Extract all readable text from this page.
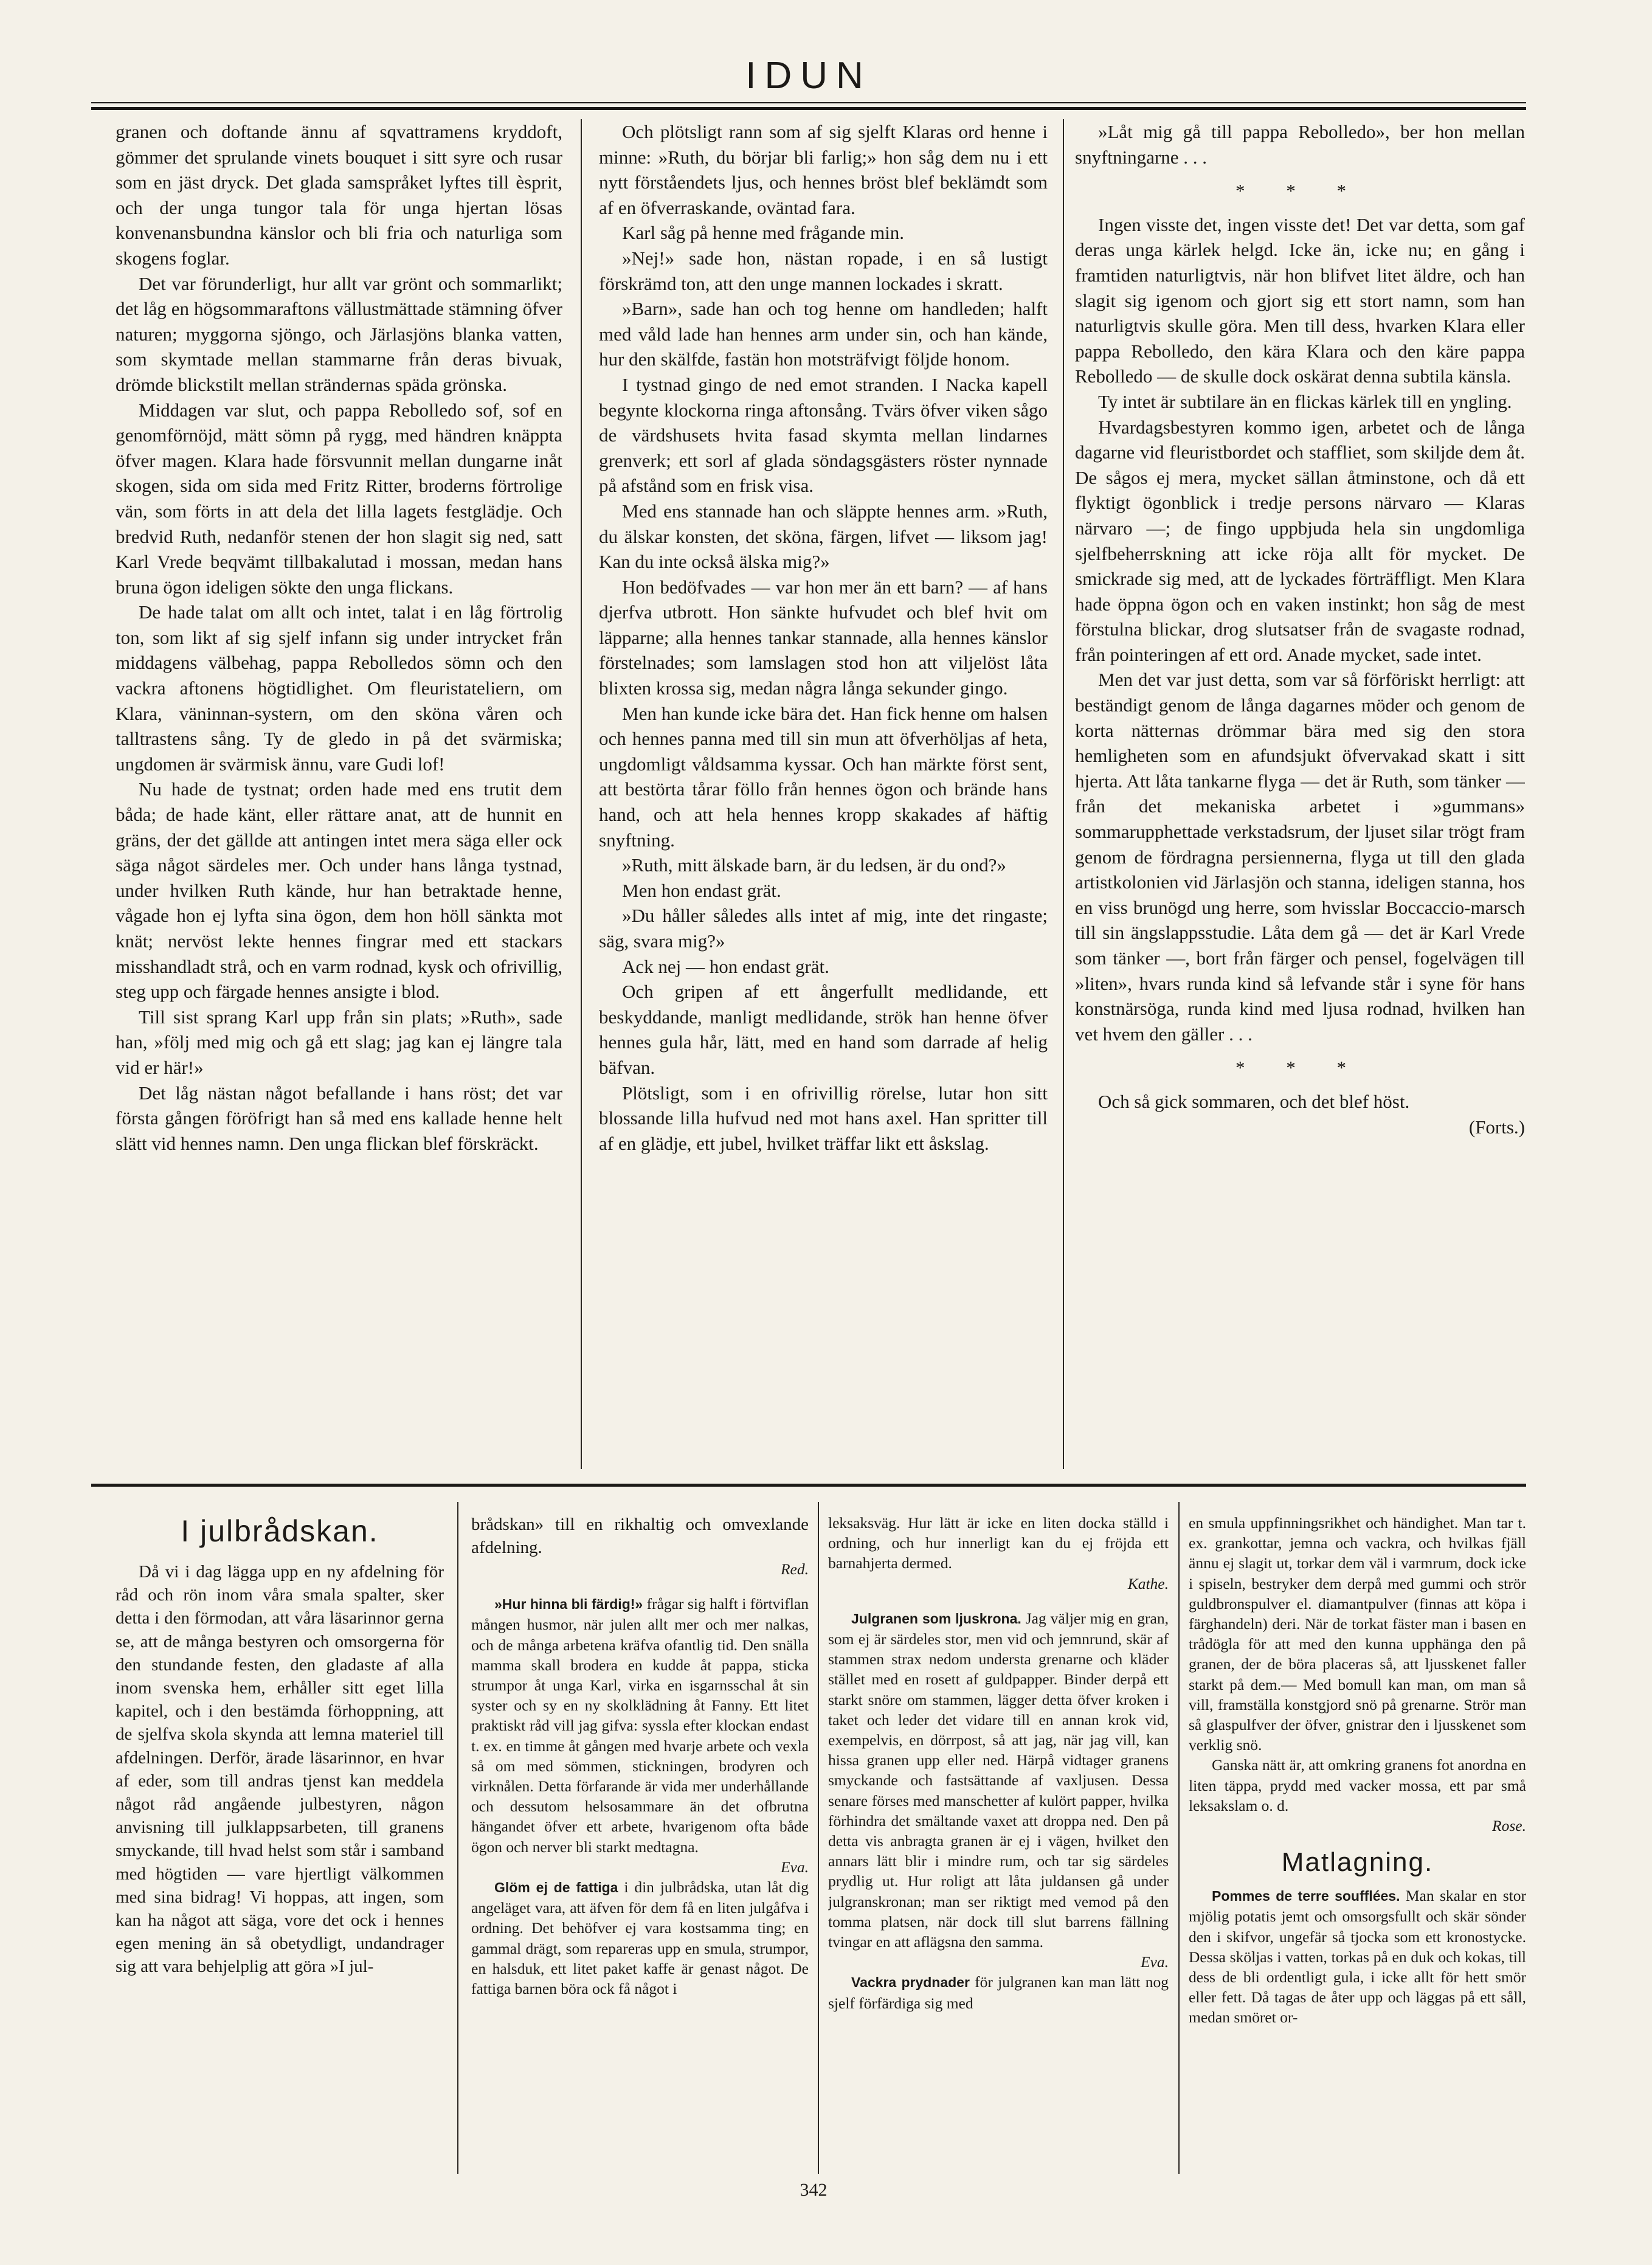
IDUN

granen och doftande ännu af sqvattramens kryddoft, gömmer det sprulande vinets bouquet i sitt syre och rusar som en jäst dryck. Det glada samspråket lyftes till èsprit, och der unga tungor tala för unga hjertan lösas konvenansbundna känslor och bli fria och naturliga som skogens foglar.

Det var förunderligt, hur allt var grönt och sommarlikt; det låg en högsommaraftons vällustmättade stämning öfver naturen; myggorna sjöngo, och Järlasjöns blanka vatten, som skymtade mellan stammarne från deras bivuak, drömde blickstilt mellan strändernas späda grönska.

Middagen var slut, och pappa Rebolledo sof, sof en genomförnöjd, mätt sömn på rygg, med händren knäppta öfver magen. Klara hade försvunnit mellan dungarne inåt skogen, sida om sida med Fritz Ritter, broderns förtrolige vän, som förts in att dela det lilla lagets festglädje. Och bredvid Ruth, nedanför stenen der hon slagit sig ned, satt Karl Vrede beqvämt tillbakalutad i mossan, medan hans bruna ögon ideligen sökte den unga flickans.

De hade talat om allt och intet, talat i en låg förtrolig ton, som likt af sig sjelf infann sig under intrycket från middagens välbehag, pappa Rebolledos sömn och den vackra aftonens högtidlighet. Om fleuristateliern, om Klara, väninnan-systern, om den sköna våren och talltrastens sång. Ty de gledo in på det svärmiska; ungdomen är svärmisk ännu, vare Gudi lof!

Nu hade de tystnat; orden hade med ens trutit dem båda; de hade känt, eller rättare anat, att de hunnit en gräns, der det gällde att antingen intet mera säga eller ock säga något särdeles mer. Och under hans långa tystnad, under hvilken Ruth kände, hur han betraktade henne, vågade hon ej lyfta sina ögon, dem hon höll sänkta mot knät; nervöst lekte hennes fingrar med ett stackars misshandladt strå, och en varm rodnad, kysk och ofrivillig, steg upp och färgade hennes ansigte i blod.

Till sist sprang Karl upp från sin plats; »Ruth», sade han, »följ med mig och gå ett slag; jag kan ej längre tala vid er här!»

Det låg nästan något befallande i hans röst; det var första gången föröfrigt han så med ens kallade henne helt slätt vid hennes namn. Den unga flickan blef förskräckt.

Och plötsligt rann som af sig sjelft Klaras ord henne i minne: »Ruth, du börjar bli farlig;» hon såg dem nu i ett nytt förståendets ljus, och hennes bröst blef beklämdt som af en öfverraskande, oväntad fara.

Karl såg på henne med frågande min.

»Nej!» sade hon, nästan ropade, i en så lustigt förskrämd ton, att den unge mannen lockades i skratt.

»Barn», sade han och tog henne om handleden; halft med våld lade han hennes arm under sin, och han kände, hur den skälfde, fastän hon motsträfvigt följde honom.

I tystnad gingo de ned emot stranden. I Nacka kapell begynte klockorna ringa aftonsång. Tvärs öfver viken sågo de värdshusets hvita fasad skymta mellan lindarnes grenverk; ett sorl af glada söndagsgästers röster nynnade på afstånd som en frisk visa.

Med ens stannade han och släppte hennes arm. »Ruth, du älskar konsten, det sköna, färgen, lifvet — liksom jag! Kan du inte också älska mig?»

Hon bedöfvades — var hon mer än ett barn? — af hans djerfva utbrott. Hon sänkte hufvudet och blef hvit om läpparne; alla hennes tankar stannade, alla hennes känslor förstelnades; som lamslagen stod hon att viljelöst låta blixten krossa sig, medan några långa sekunder gingo.

Men han kunde icke bära det. Han fick henne om halsen och hennes panna med till sin mun att öfverhöljas af heta, ungdomligt våldsamma kyssar. Och han märkte först sent, att bestörta tårar föllo från hennes ögon och brände hans hand, och att hela hennes kropp skakades af häftig snyftning.

»Ruth, mitt älskade barn, är du ledsen, är du ond?»

Men hon endast grät.

»Du håller således alls intet af mig, inte det ringaste; säg, svara mig?»

Ack nej — hon endast grät.

Och gripen af ett ångerfullt medlidande, ett beskyddande, manligt medlidande, strök han henne öfver hennes gula hår, lätt, med en hand som darrade af helig bäfvan.

Plötsligt, som i en ofrivillig rörelse, lutar hon sitt blossande lilla hufvud ned mot hans axel. Han spritter till af en glädje, ett jubel, hvilket träffar likt ett åskslag.

»Låt mig gå till pappa Rebolledo», ber hon mellan snyftningarne . . .

* * *

Ingen visste det, ingen visste det! Det var detta, som gaf deras unga kärlek helgd. Icke än, icke nu; en gång i framtiden naturligtvis, när hon blifvet litet äldre, och han slagit sig igenom och gjort sig ett stort namn, som han naturligtvis skulle göra. Men till dess, hvarken Klara eller pappa Rebolledo, den kära Klara och den käre pappa Rebolledo — de skulle dock oskärat denna subtila känsla.

Ty intet är subtilare än en flickas kärlek till en yngling.

Hvardagsbestyren kommo igen, arbetet och de långa dagarne vid fleuristbordet och staffliet, som skiljde dem åt. De sågos ej mera, mycket sällan åtminstone, och då ett flyktigt ögonblick i tredje persons närvaro — Klaras närvaro —; de fingo uppbjuda hela sin ungdomliga sjelfbeherrskning att icke röja allt för mycket. De smickrade sig med, att de lyckades förträffligt. Men Klara hade öppna ögon och en vaken instinkt; hon såg de mest förstulna blickar, drog slutsatser från de svagaste rodnad, från pointeringen af ett ord. Anade mycket, sade intet.

Men det var just detta, som var så förföriskt herrligt: att beständigt genom de långa dagarnes möder och genom de korta nätternas drömmar bära med sig den stora hemligheten som en afundsjukt öfvervakad skatt i sitt hjerta. Att låta tankarne flyga — det är Ruth, som tänker — från det mekaniska arbetet i »gummans» sommarupphettade verkstadsrum, der ljuset silar trögt fram genom de fördragna persiennerna, flyga ut till den glada artistkolonien vid Järlasjön och stanna, ideligen stanna, hos en viss brunögd ung herre, som hvisslar Boccaccio-marsch till sin ängslappsstudie. Låta dem gå — det är Karl Vrede som tänker —, bort från färger och pensel, fogelvägen till »liten», hvars runda kind så lefvande står i syne för hans konstnärsöga, runda kind med ljusa rodnad, hvilken han vet hvem den gäller . . .

* * *

Och så gick sommaren, och det blef höst.

(Forts.)

I julbrådskan.

Då vi i dag lägga upp en ny afdelning för råd och rön inom våra smala spalter, sker detta i den förmodan, att våra läsarinnor gerna se, att de många bestyren och omsorgerna för den stundande festen, den gladaste af alla inom svenska hem, erhåller sitt eget lilla kapitel, och i den bestämda förhoppning, att de sjelfva skola skynda att lemna materiel till afdelningen. Derför, ärade läsarinnor, en hvar af eder, som till andras tjenst kan meddela något råd angående julbestyren, någon anvisning till julklappsarbeten, till granens smyckande, till hvad helst som står i samband med högtiden — vare hjertligt välkommen med sina bidrag! Vi hoppas, att ingen, som kan ha något att säga, vore det ock i hennes egen mening än så obetydligt, undandrager sig att vara behjelplig att göra »I jul-

brådskan» till en rikhaltig och omvexlande afdelning.

Red.

»Hur hinna bli färdig!» frågar sig halft i förtviflan mången husmor, när julen allt mer och mer nalkas, och de många arbetena kräfva ofantlig tid. Den snälla mamma skall brodera en kudde åt pappa, sticka strumpor åt unga Karl, virka en isgarnsschal åt sin syster och sy en ny skolklädning åt Fanny. Ett litet praktiskt råd vill jag gifva: syssla efter klockan endast t. ex. en timme åt gången med hvarje arbete och vexla så om med sömmen, stickningen, brodyren och virknålen. Detta förfarande är vida mer underhållande och dessutom helsosammare än det ofbrutna hängandet öfver ett arbete, hvarigenom ofta både ögon och nerver bli starkt medtagna.

Eva.

Glöm ej de fattiga i din julbrådska, utan låt dig angeläget vara, att äfven för dem få en liten julgåfva i ordning. Det behöfver ej vara kostsamma ting; en gammal drägt, som repareras upp en smula, strumpor, en halsduk, ett litet paket kaffe är genast något. De fattiga barnen böra ock få något i

leksaksväg. Hur lätt är icke en liten docka ställd i ordning, och hur innerligt kan du ej fröjda ett barnahjerta dermed.

Kathe.

Julgranen som ljuskrona. Jag väljer mig en gran, som ej är särdeles stor, men vid och jemnrund, skär af stammen strax nedom understa grenarne och kläder stället med en rosett af guldpapper. Binder derpå ett starkt snöre om stammen, lägger detta öfver kroken i taket och leder det vidare till en annan krok vid, exempelvis, en dörrpost, så att jag, när jag vill, kan hissa granen upp eller ned. Härpå vidtager granens smyckande och fastsättande af vaxljusen. Dessa senare förses med manschetter af kulört papper, hvilka förhindra det smältande vaxet att droppa ned. Den på detta vis anbragta granen är ej i vägen, hvilket den annars lätt blir i mindre rum, och tar sig särdeles prydlig ut. Hur roligt att låta juldansen gå under julgranskronan; man ser riktigt med vemod på den tomma platsen, när dock till slut barrens fällning tvingar en att aflägsna den samma.

Eva.

Vackra prydnader för julgranen kan man lätt nog sjelf förfärdiga sig med

en smula uppfinningsrikhet och händighet. Man tar t. ex. grankottar, jemna och vackra, och hvilkas fjäll ännu ej slagit ut, torkar dem väl i varmrum, dock icke i spiseln, bestryker dem derpå med gummi och strör guldbronspulver el. diamantpulver (finnas att köpa i färghandeln) deri. När de torkat fäster man i basen en trådögla för att med den kunna upphänga den på granen, der de böra placeras så, att ljusskenet faller starkt på dem.— Med bomull kan man, om man så vill, framställa konstgjord snö på grenarne. Strör man så glaspulfver der öfver, gnistrar den i ljusskenet som verklig snö.

Ganska nätt är, att omkring granens fot anordna en liten täppa, prydd med vacker mossa, ett par små leksakslam o. d.

Rose.

Matlagning.

Pommes de terre soufflées. Man skalar en stor mjölig potatis jemt och omsorgsfullt och skär sönder den i skifvor, ungefär så tjocka som ett kronostycke. Dessa sköljas i vatten, torkas på en duk och kokas, till dess de bli ordentligt gula, i icke allt för hett smör eller fett. Då tagas de åter upp och läggas på ett såll, medan smöret or-

342
